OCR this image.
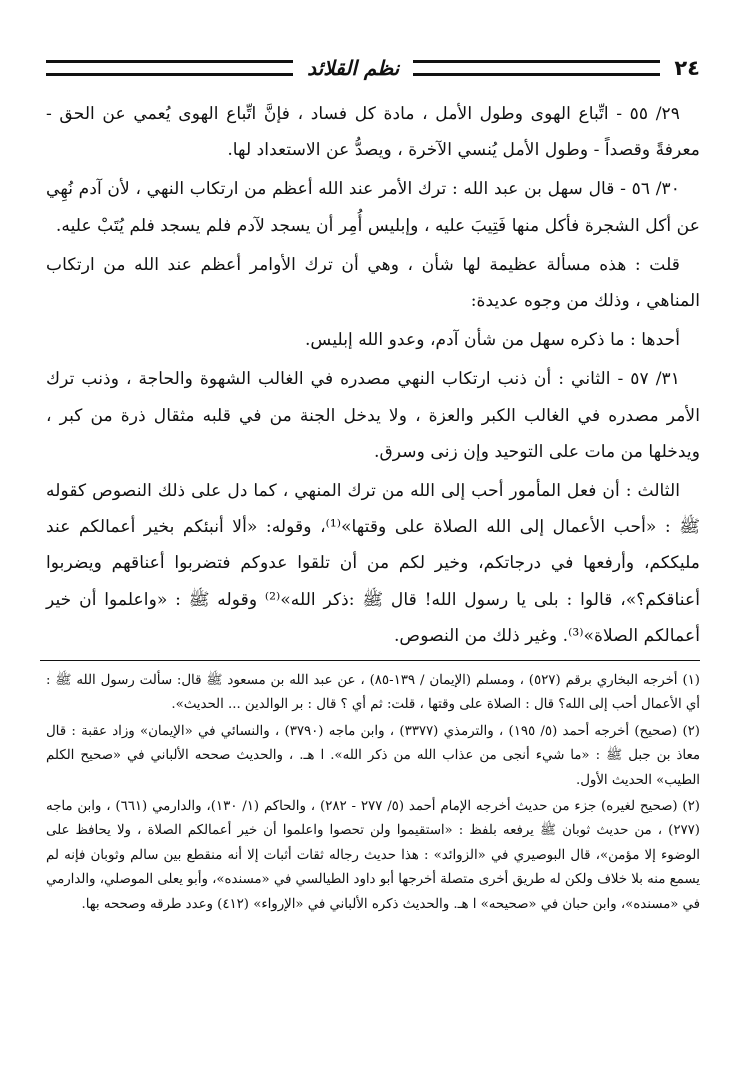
٢٤
نظم القلائد

٢٩/ ٥٥ - اتِّباع الهوى وطول الأمل ، مادة كل فساد ، فإنَّ اتِّباع الهوى يُعمي عن الحق - معرفةً وقصداً - وطول الأمل يُنسي الآخرة ، ويصدُّ عن الاستعداد لها.

٣٠/ ٥٦ - قال سهل بن عبد الله : ترك الأمر عند الله أعظم من ارتكاب النهي ، لأن آدم نُهِي عن أكل الشجرة فأكل منها فَتِيبَ عليه ، وإبليس أُمِر أن يسجد لآدم فلم يسجد فلم يُتَبْ عليه.

قلت : هذه مسألة عظيمة لها شأن ، وهي أن ترك الأوامر أعظم عند الله من ارتكاب المناهي ، وذلك من وجوه عديدة:

أحدها : ما ذكره سهل من شأن آدم، وعدو الله إبليس.

٣١/ ٥٧ - الثاني : أن ذنب ارتكاب النهي مصدره في الغالب الشهوة والحاجة ، وذنب ترك الأمر مصدره في الغالب الكبر والعزة ، ولا يدخل الجنة من في قلبه مثقال ذرة من كبر ، ويدخلها من مات على التوحيد وإن زنى وسرق.

الثالث : أن فعل المأمور أحب إلى الله من ترك المنهي ، كما دل على ذلك النصوص كقوله ﷺ : «أحب الأعمال إلى الله الصلاة على وقتها»⁽¹⁾، وقوله: «ألا أنبئكم بخير أعمالكم عند مليككم، وأرفعها في درجاتكم، وخير لكم من أن تلقوا عدوكم فتضربوا أعناقهم ويضربوا أعناقكم؟»، قالوا : بلى يا رسول الله! قال ﷺ :ذكر الله»⁽²⁾ وقوله ﷺ : «واعلموا أن خير أعمالكم الصلاة»⁽³⁾. وغير ذلك من النصوص.

(١) أخرجه البخاري برقم (٥٢٧) ، ومسلم (الإيمان / ١٣٩-٨٥) ، عن عبد الله بن مسعود ﷺ قال: سألت رسول الله ﷺ : أي الأعمال أحب إلى الله؟ قال : الصلاة على وقتها ، قلت: ثم أي ؟ قال : بر الوالدين ... الحديث».

(٢) (صحيح) أخرجه أحمد (٥/ ١٩٥) ، والترمذي (٣٣٧٧) ، وابن ماجه (٣٧٩٠) ، والنسائي في «الإيمان» وزاد عقبة : قال معاذ بن جبل ﷺ : «ما شيء أنجى من عذاب الله من ذكر الله». ا هـ. ، والحديث صححه الألباني في «صحيح الكلم الطيب» الحديث الأول.

(٢) (صحيح لغيره) جزء من حديث أخرجه الإمام أحمد (٥/ ٢٧٧ - ٢٨٢) ، والحاكم (١/ ١٣٠)، والدارمي (٦٦١) ، وابن ماجه (٢٧٧) ، من حديث ثوبان ﷺ يرفعه بلفظ : «استقيموا ولن تحصوا واعلموا أن خير أعمالكم الصلاة ، ولا يحافظ على الوضوء إلا مؤمن»، قال البوصيري في «الزوائد» : هذا حديث رجاله ثقات أثبات إلا أنه منقطع بين سالم وثوبان فإنه لم يسمع منه بلا خلاف ولكن له طريق أخرى متصلة أخرجها أبو داود الطيالسي في «مسنده»، وأبو يعلى الموصلي، والدارمي في «مسنده»، وابن حبان في «صحيحه» ا هـ. والحديث ذكره الألباني في «الإرواء» (٤١٢) وعدد طرقه وصححه بها.
